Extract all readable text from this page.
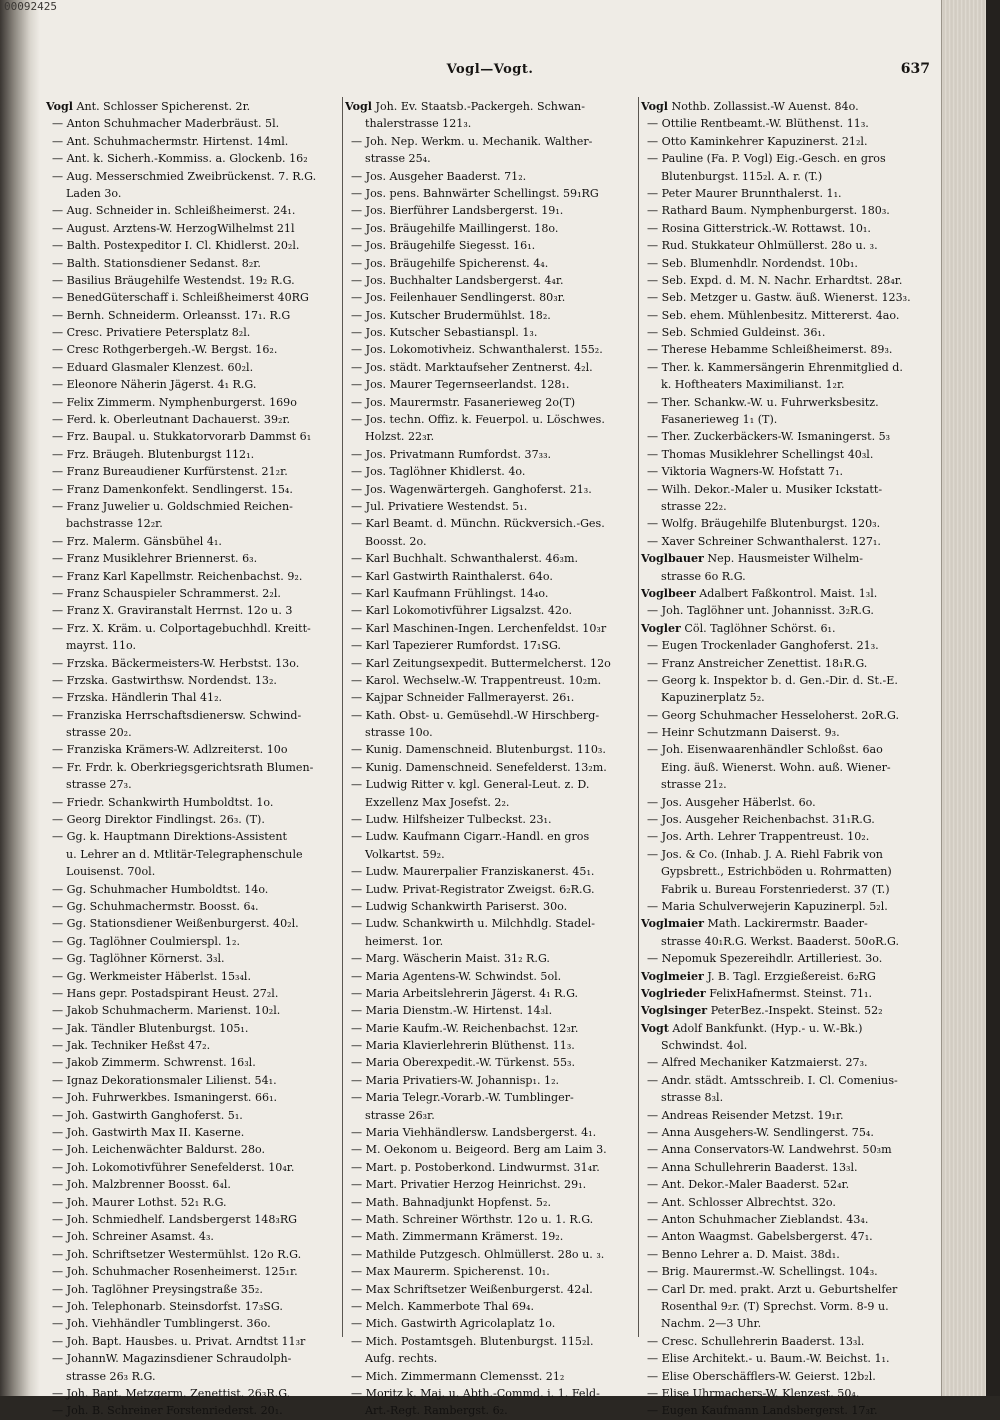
00092425
Vogl—Vogt.	637
Vogl Ant. Schlosser Spicherenst. 2r.
— Anton Schuhmacher Maderbräust. 5l.
— Ant. Schuhmachermstr. Hirtenst. 14ml.
— Ant. k. Sicherh.-Kommiss. a. Glockenb. 16₂
— Aug. Messerschmied Zweibrückenst. 7. R.G.
Laden 3o.
— Aug. Schneider in. Schleißheimerst. 24₁.
— August. Arztens-W. HerzogWilhelmst 21l
— Balth. Postexpeditor I. Cl. Khidlerst. 20₂l.
— Balth. Stationsdiener Sedanst. 8₂r.
— Basilius Bräugehilfe Westendst. 19₂ R.G.
— BenedGüterschaff i. Schleißheimerst 40RG
— Bernh. Schneiderm. Orleansst. 17₁. R.G
— Cresc. Privatiere Petersplatz 8₂l.
— Cresc Rothgerbergeh.-W. Bergst. 16₂.
— Eduard Glasmaler Klenzest. 60₂l.
— Eleonore Näherin Jägerst. 4₁ R.G.
— Felix Zimmerm. Nymphenburgerst. 169o
— Ferd. k. Oberleutnant Dachauerst. 39₂r.
— Frz. Baupal. u. Stukkatorvorarb Dammst 6₁
— Frz. Bräugeh. Blutenburgst 112₁.
— Franz Bureaudiener Kurfürstenst. 21₂r.
— Franz Damenkonfekt. Sendlingerst. 15₄.
— Franz Juwelier u. Goldschmied Reichen-
bachstrasse 12₂r.
— Frz. Malerm. Gänsbühel 4₁.
— Franz Musiklehrer Briennerst. 6₃.
— Franz Karl Kapellmstr. Reichenbachst. 9₂.
— Franz Schauspieler Schrammerst. 2₂l.
— Franz X. Graviranstalt Herrnst. 12o u. 3
— Frz. X. Kräm. u. Colportagebuchhdl. Kreitt-
mayrst. 11o.
— Frzska. Bäckermeisters-W. Herbstst. 13o.
— Frzska. Gastwirthsw. Nordendst. 13₂.
— Frzska. Händlerin Thal 41₂.
— Franziska Herrschaftsdienersw. Schwind-
strasse 20₂.
— Franziska Krämers-W. Adlzreiterst. 10o
— Fr. Frdr. k. Oberkriegsgerichtsrath Blumen-
strasse 27₃.
— Friedr. Schankwirth Humboldtst. 1o.
— Georg Direktor Findlingst. 26₃. (T).
— Gg. k. Hauptmann Direktions-Assistent
u. Lehrer an d. Mtlitär-Telegraphenschule
Louisenst. 70ol.
— Gg. Schuhmacher Humboldtst. 14o.
— Gg. Schuhmachermstr. Boosst. 6₄.
— Gg. Stationsdiener Weißenburgerst. 40₂l.
— Gg. Taglöhner Coulmierspl. 1₂.
— Gg. Taglöhner Körnerst. 3₃l.
— Gg. Werkmeister Häberlst. 15₃₄l.
— Hans gepr. Postadspirant Heust. 27₂l.
— Jakob Schuhmacherm. Marienst. 10₂l.
— Jak. Tändler Blutenburgst. 105₁.
— Jak. Techniker Heßst 47₂.
— Jakob Zimmerm. Schwrenst. 16₃l.
— Ignaz Dekorationsmaler Lilienst. 54₁.
— Joh. Fuhrwerkbes. Ismaningerst. 66₁.
— Joh. Gastwirth Ganghoferst. 5₁.
— Joh. Gastwirth Max II. Kaserne.
— Joh. Leichenwächter Baldurst. 28o.
— Joh. Lokomotivführer Senefelderst. 10₄r.
— Joh. Malzbrenner Boosst. 6₄l.
— Joh. Maurer Lothst. 52₁ R.G.
— Joh. Schmiedhelf. Landsbergerst 148₃RG
— Joh. Schreiner Asamst. 4₃.
— Joh. Schriftsetzer Westermühlst. 12o R.G.
— Joh. Schuhmacher Rosenheimerst. 125₁r.
— Joh. Taglöhner Preysingstraße 35₂.
— Joh. Telephonarb. Steinsdorfst. 17₃SG.
— Joh. Viehhändler Tumblingerst. 36o.
— Joh. Bapt. Hausbes. u. Privat. Arndtst 11₃r
— JohannW. Magazinsdiener Schraudolph-
strasse 26₃ R.G.
— Joh. Bapt. Metzgerm. Zenettist. 26₃R.G.
— Joh. B. Schreiner Forstenriederst. 20₁.
Vogl Joh. Ev. Staatsb.-Packergeh. Schwan-
thalerstrasse 121₃.
— Joh. Nep. Werkm. u. Mechanik. Walther-
strasse 25₄.
— Jos. Ausgeher Baaderst. 71₂.
— Jos. pens. Bahnwärter Schellingst. 59₁RG
— Jos. Bierführer Landsbergerst. 19₁.
— Jos. Bräugehilfe Maillingerst. 18o.
— Jos. Bräugehilfe Siegesst. 16₁.
— Jos. Bräugehilfe Spicherenst. 4₄.
— Jos. Buchhalter Landsbergerst. 4₄r.
— Jos. Feilenhauer Sendlingerst. 80₃r.
— Jos. Kutscher Brudermühlst. 18₂.
— Jos. Kutscher Sebastianspl. 1₃.
— Jos. Lokomotivheiz. Schwanthalerst. 155₂.
— Jos. städt. Marktaufseher Zentnerst. 4₂l.
— Jos. Maurer Tegernseerlandst. 128₁.
— Jos. Maurermstr. Fasanerieweg 2o(T)
— Jos. techn. Offiz. k. Feuerpol. u. Löschwes.
Holzst. 22₃r.
— Jos. Privatmann Rumfordst. 37₃₃.
— Jos. Taglöhner Khidlerst. 4o.
— Jos. Wagenwärtergeh. Ganghoferst. 21₃.
— Jul. Privatiere Westendst. 5₁.
— Karl Beamt. d. Münchn. Rückversich.-Ges.
Boosst. 2o.
— Karl Buchhalt. Schwanthalerst. 46₃m.
— Karl Gastwirth Rainthalerst. 64o.
— Karl Kaufmann Frühlingst. 14₄o.
— Karl Lokomotivführer Ligsalzst. 42o.
— Karl Maschinen-Ingen. Lerchenfeldst. 10₃r
— Karl Tapezierer Rumfordst. 17₁SG.
— Karl Zeitungsexpedit. Buttermelcherst. 12o
— Karol. Wechselw.-W. Trappentreust. 10₂m.
— Kajpar Schneider Fallmerayerst. 26₁.
— Kath. Obst- u. Gemüsehdl.-W Hirschberg-
strasse 10o.
— Kunig. Damenschneid. Blutenburgst. 110₃.
— Kunig. Damenschneid. Senefelderst. 13₂m.
— Ludwig Ritter v. kgl. General-Leut. z. D.
Exzellenz Max Josefst. 2₂.
— Ludw. Hilfsheizer Tulbeckst. 23₁.
— Ludw. Kaufmann Cigarr.-Handl. en gros
Volkartst. 59₂.
— Ludw. Maurerpalier Franziskanerst. 45₁.
— Ludw. Privat-Registrator Zweigst. 6₂R.G.
— Ludwig Schankwirth Pariserst. 30o.
— Ludw. Schankwirth u. Milchhdlg. Stadel-
heimerst. 1or.
— Marg. Wäscherin Maist. 31₂ R.G.
— Maria Agentens-W. Schwindst. 5ol.
— Maria Arbeitslehrerin Jägerst. 4₁ R.G.
— Maria Dienstm.-W. Hirtenst. 14₃l.
— Marie Kaufm.-W. Reichenbachst. 12₃r.
— Maria Klavierlehrerin Blüthenst. 11₃.
— Maria Oberexpedit.-W. Türkenst. 55₃.
— Maria Privatiers-W. Johannisp₁. 1₂.
— Maria Telegr.-Vorarb.-W. Tumblinger-
strasse 26₃r.
— Maria Viehhändlersw. Landsbergerst. 4₁.
— M. Oekonom u. Beigeord. Berg am Laim 3.
— Mart. p. Postoberkond. Lindwurmst. 31₄r.
— Mart. Privatier Herzog Heinrichst. 29₁.
— Math. Bahnadjunkt Hopfenst. 5₂.
— Math. Schreiner Wörthstr. 12o u. 1. R.G.
— Math. Zimmermann Krämerst. 19₂.
— Mathilde Putzgesch. Ohlmüllerst. 28o u. ₃.
— Max Maurerm. Spicherenst. 10₁.
— Max Schriftsetzer Weißenburgerst. 42₄l.
— Melch. Kammerbote Thal 69₄.
— Mich. Gastwirth Agricolaplatz 1o.
— Mich. Postamtsgeh. Blutenburgst. 115₂l.
Aufg. rechts.
— Mich. Zimmermann Clemensst. 21₂
— Moritz k. Maj. u. Abth.-Commd. i. 1. Feld-
Art.-Regt. Rambergst. 6₂.
Vogl Nothb. Zollassist.-W Auenst. 84o.
— Ottilie Rentbeamt.-W. Blüthenst. 11₃.
— Otto Kaminkehrer Kapuzinerst. 21₂l.
— Pauline (Fa. P. Vogl) Eig.-Gesch. en gros
Blutenburgst. 115₂l. A. r. (T.)
— Peter Maurer Brunnthalerst. 1₁.
— Rathard Baum. Nymphenburgerst. 180₃.
— Rosina Gitterstrick.-W. Rottawst. 10₁.
— Rud. Stukkateur Ohlmüllerst. 28o u. ₃.
— Seb. Blumenhdlr. Nordendst. 10b₁.
— Seb. Expd. d. M. N. Nachr. Erhardtst. 28₄r.
— Seb. Metzger u. Gastw. äuß. Wienerst. 123₃.
— Seb. ehem. Mühlenbesitz. Mittererst. 4ao.
— Seb. Schmied Guldeinst. 36₁.
— Therese Hebamme Schleißheimerst. 89₃.
— Ther. k. Kammersängerin Ehrenmitglied d.
k. Hoftheaters Maximilianst. 1₂r.
— Ther. Schankw.-W. u. Fuhrwerksbesitz.
Fasanerieweg 1₁ (T).
— Ther. Zuckerbäckers-W. Ismaningerst. 5₃
— Thomas Musiklehrer Schellingst 40₃l.
— Viktoria Wagners-W. Hofstatt 7₁.
— Wilh. Dekor.-Maler u. Musiker Ickstatt-
strasse 22₂.
— Wolfg. Bräugehilfe Blutenburgst. 120₃.
— Xaver Schreiner Schwanthalerst. 127₁.
Voglbauer Nep. Hausmeister Wilhelm-
strasse 6o R.G.
Voglbeer Adalbert Faßkontrol. Maist. 1₃l.
— Joh. Taglöhner unt. Johannisst. 3₂R.G.
Vogler Cöl. Taglöhner Schörst. 6₁.
— Eugen Trockenlader Ganghoferst. 21₃.
— Franz Anstreicher Zenettist. 18₁R.G.
— Georg k. Inspektor b. d. Gen.-Dir. d. St.-E.
Kapuzinerplatz 5₂.
— Georg Schuhmacher Hesseloherst. 2oR.G.
— Heinr Schutzmann Daiserst. 9₃.
— Joh. Eisenwaarenhändler Schloßst. 6ao
Eing. äuß. Wienerst. Wohn. auß. Wiener-
strasse 21₂.
— Jos. Ausgeher Häberlst. 6o.
— Jos. Ausgeher Reichenbachst. 31₁R.G.
— Jos. Arth. Lehrer Trappentreust. 10₂.
— Jos. & Co. (Inhab. J. A. Riehl Fabrik von
Gypsbrett., Estrichböden u. Rohrmatten)
Fabrik u. Bureau Forstenriederst. 37 (T.)
— Maria Schulverwejerin Kapuzinerpl. 5₂l.
Voglmaier Math. Lackirermstr. Baader-
strasse 40₁R.G. Werkst. Baaderst. 50oR.G.
— Nepomuk Spezereihdlr. Artilleriest. 3o.
Voglmeier J. B. Tagl. Erzgießereist. 6₂RG
Voglrieder FelixHafnermst. Steinst. 71₁.
Voglsinger PeterBez.-Inspekt. Steinst. 52₂
Vogt Adolf Bankfunkt. (Hyp.- u. W.-Bk.)
Schwindst. 4ol.
— Alfred Mechaniker Katzmaierst. 27₃.
— Andr. städt. Amtsschreib. I. Cl. Comenius-
strasse 8₃l.
— Andreas Reisender Metzst. 19₁r.
— Anna Ausgehers-W. Sendlingerst. 75₄.
— Anna Conservators-W. Landwehrst. 50₃m
— Anna Schullehrerin Baaderst. 13₃l.
— Ant. Dekor.-Maler Baaderst. 52₄r.
— Ant. Schlosser Albrechtst. 32o.
— Anton Schuhmacher Zieblandst. 43₄.
— Anton Waagmst. Gabelsbergerst. 47₁.
— Benno Lehrer a. D. Maist. 38d₁.
— Brig. Maurermst.-W. Schellingst. 104₃.
— Carl Dr. med. prakt. Arzt u. Geburtshelfer
Rosenthal 9₂r. (T) Sprechst. Vorm. 8-9 u.
Nachm. 2—3 Uhr.
— Cresc. Schullehrerin Baaderst. 13₃l.
— Elise Architekt.- u. Baum.-W. Beichst. 1₁.
— Elise Oberschäfflers-W. Geierst. 12b₂l.
— Elise Uhrmachers-W. Klenzest. 50₄.
— Eugen Kaufmann Landsbergerst. 17₃r.
